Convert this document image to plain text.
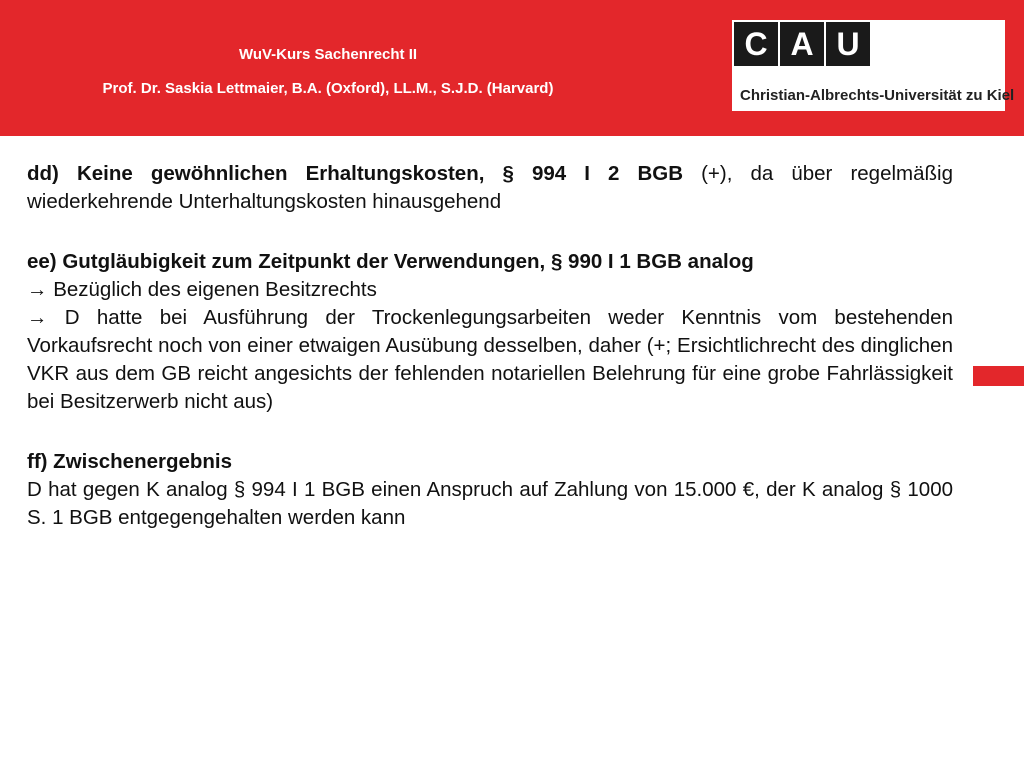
WuV-Kurs Sachenrecht II
Prof. Dr. Saskia Lettmaier, B.A. (Oxford), LL.M., S.J.D. (Harvard)
C A U
Christian-Albrechts-Universität zu Kiel

dd) Keine gewöhnlichen Erhaltungskosten, § 994 I 2 BGB (+), da über regelmäßig wiederkehrende Unterhaltungskosten hinausgehend

ee) Gutgläubigkeit zum Zeitpunkt der Verwendungen, § 990 I 1 BGB analog

→ Bezüglich des eigenen Besitzrechts

→ D hatte bei Ausführung der Trockenlegungsarbeiten weder Kenntnis vom bestehenden Vorkaufsrecht noch von einer etwaigen Ausübung desselben, daher (+; Ersichtlichrecht des dinglichen VKR aus dem GB reicht angesichts der fehlenden notariellen Belehrung für eine grobe Fahrlässigkeit bei Besitzerwerb nicht aus)

ff) Zwischenergebnis

D hat gegen K analog § 994 I 1 BGB einen Anspruch auf Zahlung von 15.000 €, der K analog § 1000 S. 1 BGB entgegengehalten werden kann
